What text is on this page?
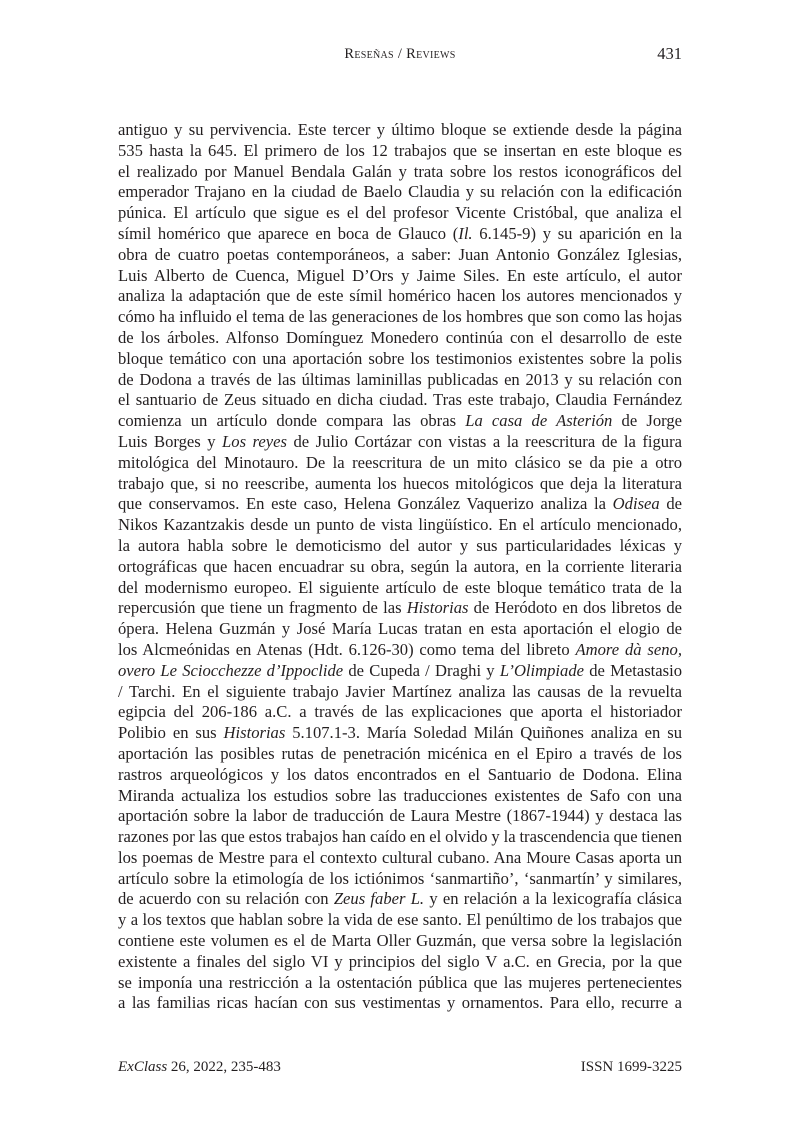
Reseñas / Reviews	431
antiguo y su pervivencia. Este tercer y último bloque se extiende desde la página
535 hasta la 645. El primero de los 12 trabajos que se insertan en este bloque es
el realizado por Manuel Bendala Galán y trata sobre los restos iconográficos del
emperador Trajano en la ciudad de Baelo Claudia y su relación con la edificación
púnica. El artículo que sigue es el del profesor Vicente Cristóbal, que analiza el
símil homérico que aparece en boca de Glauco (Il. 6.145-9) y su aparición en la
obra de cuatro poetas contemporáneos, a saber: Juan Antonio González Iglesias,
Luis Alberto de Cuenca, Miguel D’Ors y Jaime Siles. En este artículo, el autor
analiza la adaptación que de este símil homérico hacen los autores mencionados y
cómo ha influido el tema de las generaciones de los hombres que son como las hojas
de los árboles. Alfonso Domínguez Monedero continúa con el desarrollo de este
bloque temático con una aportación sobre los testimonios existentes sobre la polis
de Dodona a través de las últimas laminillas publicadas en 2013 y su relación con
el santuario de Zeus situado en dicha ciudad. Tras este trabajo, Claudia Fernández
comienza un artículo donde compara las obras La casa de Asterión de Jorge
Luis Borges y Los reyes de Julio Cortázar con vistas a la reescritura de la figura
mitológica del Minotauro. De la reescritura de un mito clásico se da pie a otro
trabajo que, si no reescribe, aumenta los huecos mitológicos que deja la literatura
que conservamos. En este caso, Helena González Vaquerizo analiza la Odisea de
Nikos Kazantzakis desde un punto de vista lingüístico. En el artículo mencionado,
la autora habla sobre le demoticismo del autor y sus particularidades léxicas y
ortográficas que hacen encuadrar su obra, según la autora, en la corriente literaria
del modernismo europeo. El siguiente artículo de este bloque temático trata de la
repercusión que tiene un fragmento de las Historias de Heródoto en dos libretos de
ópera. Helena Guzmán y José María Lucas tratan en esta aportación el elogio de
los Alcmeónidas en Atenas (Hdt. 6.126-30) como tema del libreto Amore dà seno,
overo Le Sciocchezze d’Ippoclide de Cupeda / Draghi y L’Olimpiade de Metastasio
/ Tarchi. En el siguiente trabajo Javier Martínez analiza las causas de la revuelta
egipcia del 206-186 a.C. a través de las explicaciones que aporta el historiador
Polibio en sus Historias 5.107.1-3. María Soledad Milán Quiñones analiza en su
aportación las posibles rutas de penetración micénica en el Epiro a través de los
rastros arqueológicos y los datos encontrados en el Santuario de Dodona. Elina
Miranda actualiza los estudios sobre las traducciones existentes de Safo con una
aportación sobre la labor de traducción de Laura Mestre (1867-1944) y destaca las
razones por las que estos trabajos han caído en el olvido y la trascendencia que tienen
los poemas de Mestre para el contexto cultural cubano. Ana Moure Casas aporta un
artículo sobre la etimología de los ictiónimos ‘sanmartiño’, ‘sanmartín’ y similares,
de acuerdo con su relación con Zeus faber L. y en relación a la lexicografía clásica
y a los textos que hablan sobre la vida de ese santo. El penúltimo de los trabajos que
contiene este volumen es el de Marta Oller Guzmán, que versa sobre la legislación
existente a finales del siglo VI y principios del siglo V a.C. en Grecia, por la que
se imponía una restricción a la ostentación pública que las mujeres pertenecientes
a las familias ricas hacían con sus vestimentas y ornamentos. Para ello, recurre a
ExClass 26, 2022, 235-483	ISSN 1699-3225
